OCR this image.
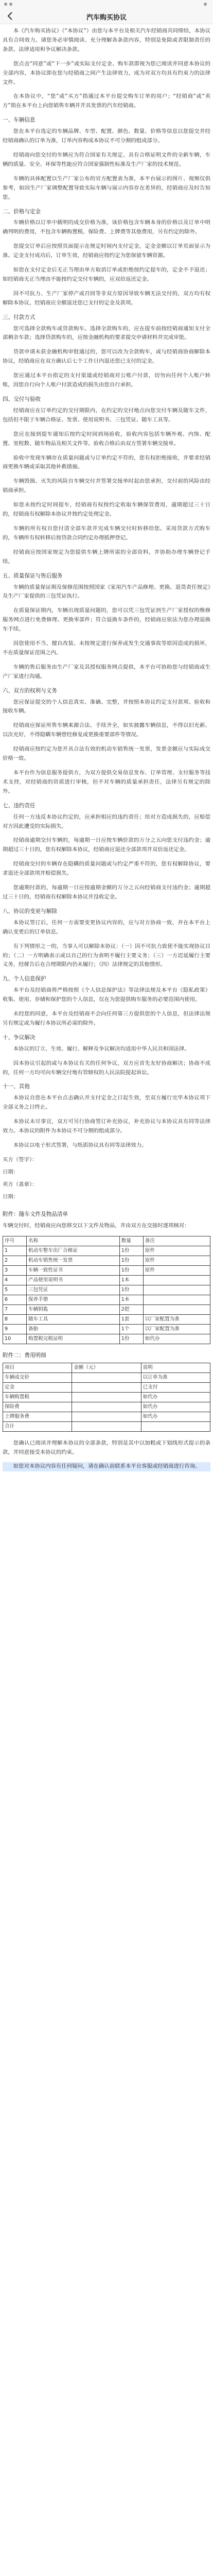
汽车购买协议

本《汽车购买协议》（“本协议”）由您与本平台及相关汽车经销商共同缔结，本协议具有合同效力。请您务必审慎阅读、充分理解各条款内容，特别是免除或者限制责任的条款、法律适用和争议解决条款。

您点击“同意”或“下一步”或实际支付定金、购车款即视为您已阅读并同意本协议的全部内容，本协议即在您与经销商之间产生法律效力，成为对双方均具有约束力的法律文件。

在本协议中，“您”或“买方”指通过本平台提交购车订单的用户；“经销商”或“卖方”指在本平台上向您销售车辆并开具发票的汽车经销商。

一、车辆信息

您在本平台选定的车辆品牌、车型、配置、颜色、数量、价格等信息以您提交并经经销商确认的订单为准，订单内容构成本协议不可分割的组成部分。

经销商向您交付的车辆应为符合国家有关规定、具有合格证明文件的全新车辆，车辆的质量、安全、环保等性能应符合国家强制性标准及生产厂家的技术规范。

车辆的具体配置以生产厂家公布的官方配置表为准，本平台展示的图片、视频仅供参考，如因生产厂家调整配置导致实际车辆与展示内容存在差异的，经销商应及时告知您。

二、价格与定金

车辆价格以订单中载明的成交价格为准，该价格包含车辆本身的价格以及订单中明确列明的费用，不包含车辆购置税、保险费、上牌费等其他费用，另有约定的除外。

您提交订单后应按照页面提示在规定时间内支付定金，定金金额以订单页面显示为准。定金支付成功后，订单生效，经销商应按约定为您保留车辆资源。

如您在支付定金后无正当理由单方取消订单或拒绝按约定提车的，定金不予退还；如经销商无正当理由不能按约定交付车辆的，应双倍返还定金。

因不可抗力、生产厂家停产或召回等非双方原因导致车辆无法交付的，双方均有权解除本协议，经销商应全额退还您已支付的定金及款项。

三、付款方式

您可选择全款购车或贷款购车。选择全款购车的，应在提车前按经销商通知支付全部剩余车款；选择贷款购车的，应按金融机构的要求提交申请材料并完成审批。

贷款申请未获金融机构审批通过的，您可以改为全款购车，或与经销商协商解除本协议，经销商应在双方确认后七个工作日内退还您已支付的定金。

您应通过本平台指定的支付渠道或经销商对公账户付款，切勿向任何个人账户转账，因您自行向个人账户付款造成的损失由您自行承担。

四、交付与验收

经销商应在订单约定的交付期限内，在约定的交付地点向您交付车辆及随车文件，包括但不限于车辆合格证、发票、使用说明书、三包凭证、随车工具等。

您应在接到提车通知后按约定时间到场验收，验收内容包括车辆外观、内饰、配置、里程数、随车物品及相关文件等。验收合格后由双方签署车辆交接单。

验收中发现车辆存在质量问题或与订单约定不符的，您有权拒绝接收，并要求经销商更换车辆或采取其他补救措施。

车辆毁损、灭失的风险自车辆交付并签署交接单时起由您承担，交付前的风险由经销商承担。

如您未按约定时间提车，经销商有权按约定收取车辆保管费用，逾期超过三十日的，经销商有权解除本协议并按约定处理定金。

车辆的所有权自您付清全部车款并完成车辆交付时转移给您。采用贷款方式购车的，车辆所有权转移后按贷款合同约定办理抵押登记。

经销商应按国家规定为您提供车辆上牌所需的全部资料，并协助办理车辆登记手续。

五、质量保证与售后服务

车辆的质量保证期及保修范围按照国家《家用汽车产品修理、更换、退货责任规定》及生产厂家提供的三包凭证执行。

在质量保证期内，车辆出现质量问题的，您可以凭三包凭证到生产厂家授权的维修服务网点进行免费修理、更换零部件；符合退换车条件的，经销商应依法为您办理退换车手续。

因您使用不当、擅自改装、未按规定进行保养或发生交通事故等原因造成的损坏，不在质量保证范围之内。

车辆的售后服务由生产厂家及其授权服务网点提供，本平台可协助您与经销商或生产厂家进行沟通。

六、双方的权利与义务

您应保证提交的个人信息真实、准确、完整，并按照本协议约定支付款项、验收和接收车辆。

经销商应保证所售车辆来源合法、手续齐全，如实披露车辆信息，不得以旧充新、以次充好，不得隐瞒车辆曾经修复或更换重要部件等情况。

经销商应按约定为您开具合法有效的机动车销售统一发票，发票金额应与实际成交价格一致。

本平台作为信息服务提供方，为双方提供交易信息发布、订单管理、支付服务等技术支持，对经销商的资质进行审核，但不对车辆的质量承担责任，法律另有规定的除外。

七、违约责任

任何一方违反本协议约定的，应承担相应的违约责任；给对方造成损失的，应赔偿对方因此遭受的实际损失。

经销商逾期交付车辆的，每逾期一日应按车辆价款的万分之五向您支付违约金；逾期超过三十日的，您有权解除本协议，经销商应退还全部款项并双倍返还定金。

经销商交付的车辆存在隐瞒的质量问题或与约定严重不符的，您有权解除协议，要求退还全部款项并赔偿损失。

您逾期付款的，每逾期一日应按逾期金额的万分之五向经销商支付违约金；逾期超过三十日的，经销商有权解除本协议并没收定金。

八、协议的变更与解除

本协议签订后，任何一方需要变更协议内容的，应与对方协商一致，并在本平台上确认变更后的订单信息。

有下列情形之一的，当事人可以解除本协议：（一）因不可抗力致使不能实现协议目的；（二）一方明确表示或以自己的行为表明不履行主要义务；（三）一方迟延履行主要义务，经催告后在合理期限内仍未履行；（四）法律规定的其他情形。

九、个人信息保护

本平台及经销商将严格按照《个人信息保护法》等法律法规及本平台《隐私政策》收集、使用、存储和保护您的个人信息，仅在为您提供购车服务的必要范围内使用。

未经您的同意，本平台及经销商不会向任何第三方提供您的个人信息，但法律法规另有规定或为履行本协议所必需的除外。

十、争议解决

本协议的订立、生效、履行、解释及争议解决均适用中华人民共和国法律。

因本协议引起的或与本协议有关的任何争议，双方应首先友好协商解决；协商不成的，任何一方均可向车辆交付地有管辖权的人民法院提起诉讼。

十一、其他

本协议自您在本平台点击确认并支付定金之日起生效，至双方履行完毕本协议项下全部义务之日终止。

本协议未尽事宜，双方可另行协商签订补充协议，补充协议与本协议具有同等法律效力。本协议的附件为本协议不可分割的组成部分。

本协议以电子形式签署，与纸质协议具有同等法律效力。

买方（签字）：
日期：
卖方（盖章）：
日期：
附件：随车文件及物品清单

车辆交付时，经销商应向您移交以下文件及物品，并由双方在交接时逐项核对：

序号	名称	数量	备注
1	机动车整车出厂合格证	1份	原件
2	机动车销售统一发票	1份	原件
3	车辆一致性证书	1份	原件
4	产品使用说明书	1本	
5	三包凭证	1份	
6	保养手册	1本	
7	车辆钥匙	2把	
8	随车工具	1套	以厂家配置为准
9	备胎	1个	以厂家配置为准
10	购置税完税证明	1份	如代办
附件二：费用明细
项目	金额（元）	说明
车辆成交价		以订单为准
定金		已支付
车辆购置税		如代办
保险费		如代办
上牌服务费		如代办
合计		

您确认已阅读并理解本协议的全部条款，特别是其中以加粗或下划线形式提示的条款，并同意接受本协议的约束。

如您对本协议内容有任何疑问，请在确认前联系本平台客服或经销商进行咨询。
